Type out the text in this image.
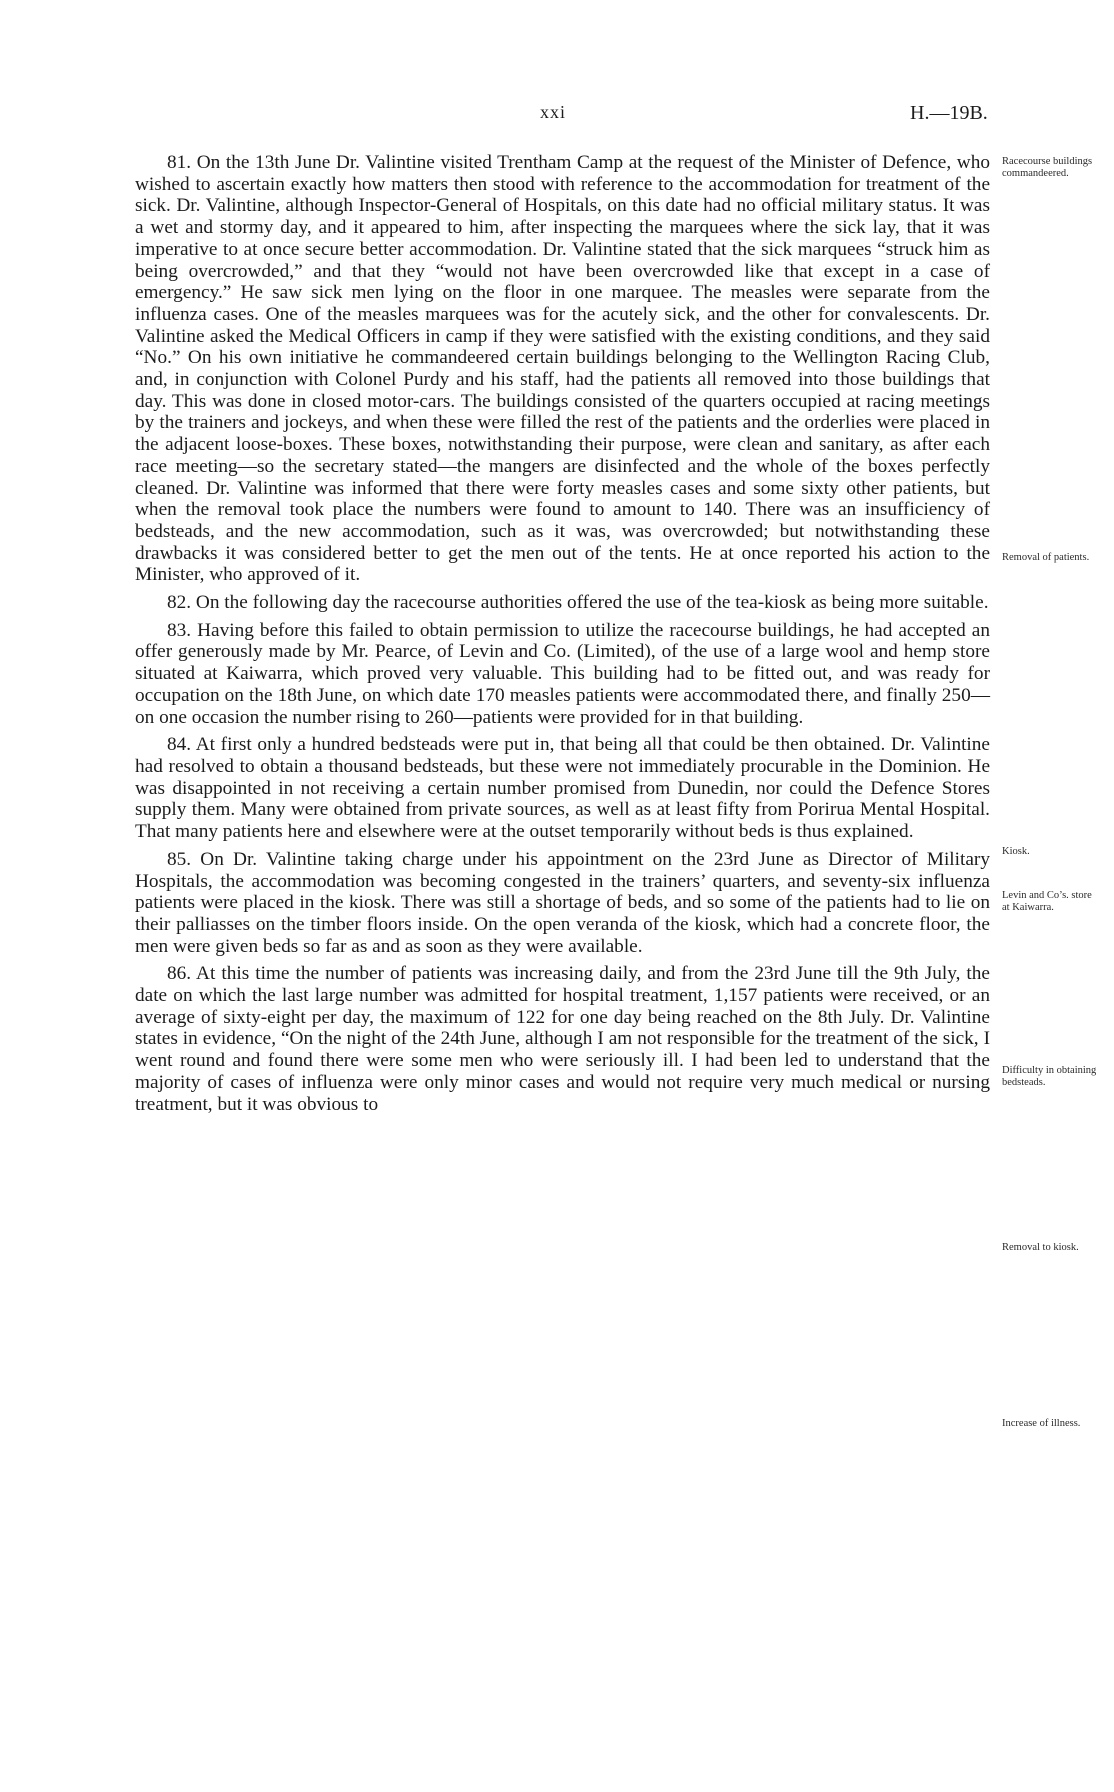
xxi	H.—19B.

81. On the 13th June Dr. Valintine visited Trentham Camp at the request of the Minister of Defence, who wished to ascertain exactly how matters then stood with reference to the accommodation for treatment of the sick. Dr. Valintine, although Inspector-General of Hospitals, on this date had no official military status. It was a wet and stormy day, and it appeared to him, after inspecting the marquees where the sick lay, that it was imperative to at once secure better accommodation. Dr. Valintine stated that the sick marquees “struck him as being overcrowded,” and that they “would not have been overcrowded like that except in a case of emergency.” He saw sick men lying on the floor in one marquee. The measles were separate from the influenza cases. One of the measles marquees was for the acutely sick, and the other for convalescents. Dr. Valintine asked the Medical Officers in camp if they were satisfied with the existing conditions, and they said “No.” On his own initiative he commandeered certain buildings belonging to the Wellington Racing Club, and, in conjunction with Colonel Purdy and his staff, had the patients all removed into those buildings that day. This was done in closed motor-cars. The buildings consisted of the quarters occupied at racing meetings by the trainers and jockeys, and when these were filled the rest of the patients and the orderlies were placed in the adjacent loose-boxes. These boxes, notwithstanding their purpose, were clean and sanitary, as after each race meeting—so the secretary stated—the mangers are disinfected and the whole of the boxes perfectly cleaned. Dr. Valintine was informed that there were forty measles cases and some sixty other patients, but when the removal took place the numbers were found to amount to 140. There was an insufficiency of bedsteads, and the new accommodation, such as it was, was overcrowded; but notwithstanding these drawbacks it was considered better to get the men out of the tents. He at once reported his action to the Minister, who approved of it.

82. On the following day the racecourse authorities offered the use of the tea-kiosk as being more suitable.

83. Having before this failed to obtain permission to utilize the racecourse buildings, he had accepted an offer generously made by Mr. Pearce, of Levin and Co. (Limited), of the use of a large wool and hemp store situated at Kaiwarra, which proved very valuable. This building had to be fitted out, and was ready for occupation on the 18th June, on which date 170 measles patients were accommodated there, and finally 250—on one occasion the number rising to 260—patients were provided for in that building.

84. At first only a hundred bedsteads were put in, that being all that could be then obtained. Dr. Valintine had resolved to obtain a thousand bedsteads, but these were not immediately procurable in the Dominion. He was disappointed in not receiving a certain number promised from Dunedin, nor could the Defence Stores supply them. Many were obtained from private sources, as well as at least fifty from Porirua Mental Hospital. That many patients here and elsewhere were at the outset temporarily without beds is thus explained.

85. On Dr. Valintine taking charge under his appointment on the 23rd June as Director of Military Hospitals, the accommodation was becoming congested in the trainers’ quarters, and seventy-six influenza patients were placed in the kiosk. There was still a shortage of beds, and so some of the patients had to lie on their palliasses on the timber floors inside. On the open veranda of the kiosk, which had a concrete floor, the men were given beds so far as and as soon as they were available.

86. At this time the number of patients was increasing daily, and from the 23rd June till the 9th July, the date on which the last large number was admitted for hospital treatment, 1,157 patients were received, or an average of sixty-eight per day, the maximum of 122 for one day being reached on the 8th July. Dr. Valintine states in evidence, “On the night of the 24th June, although I am not responsible for the treatment of the sick, I went round and found there were some men who were seriously ill. I had been led to understand that the majority of cases of influenza were only minor cases and would not require very much medical or nursing treatment, but it was obvious to

Racecourse buildings commandeered.
Removal of patients.
Kiosk.
Levin and Co’s. store at Kaiwarra.
Difficulty in obtaining bedsteads.
Removal to kiosk.
Increase of illness.
